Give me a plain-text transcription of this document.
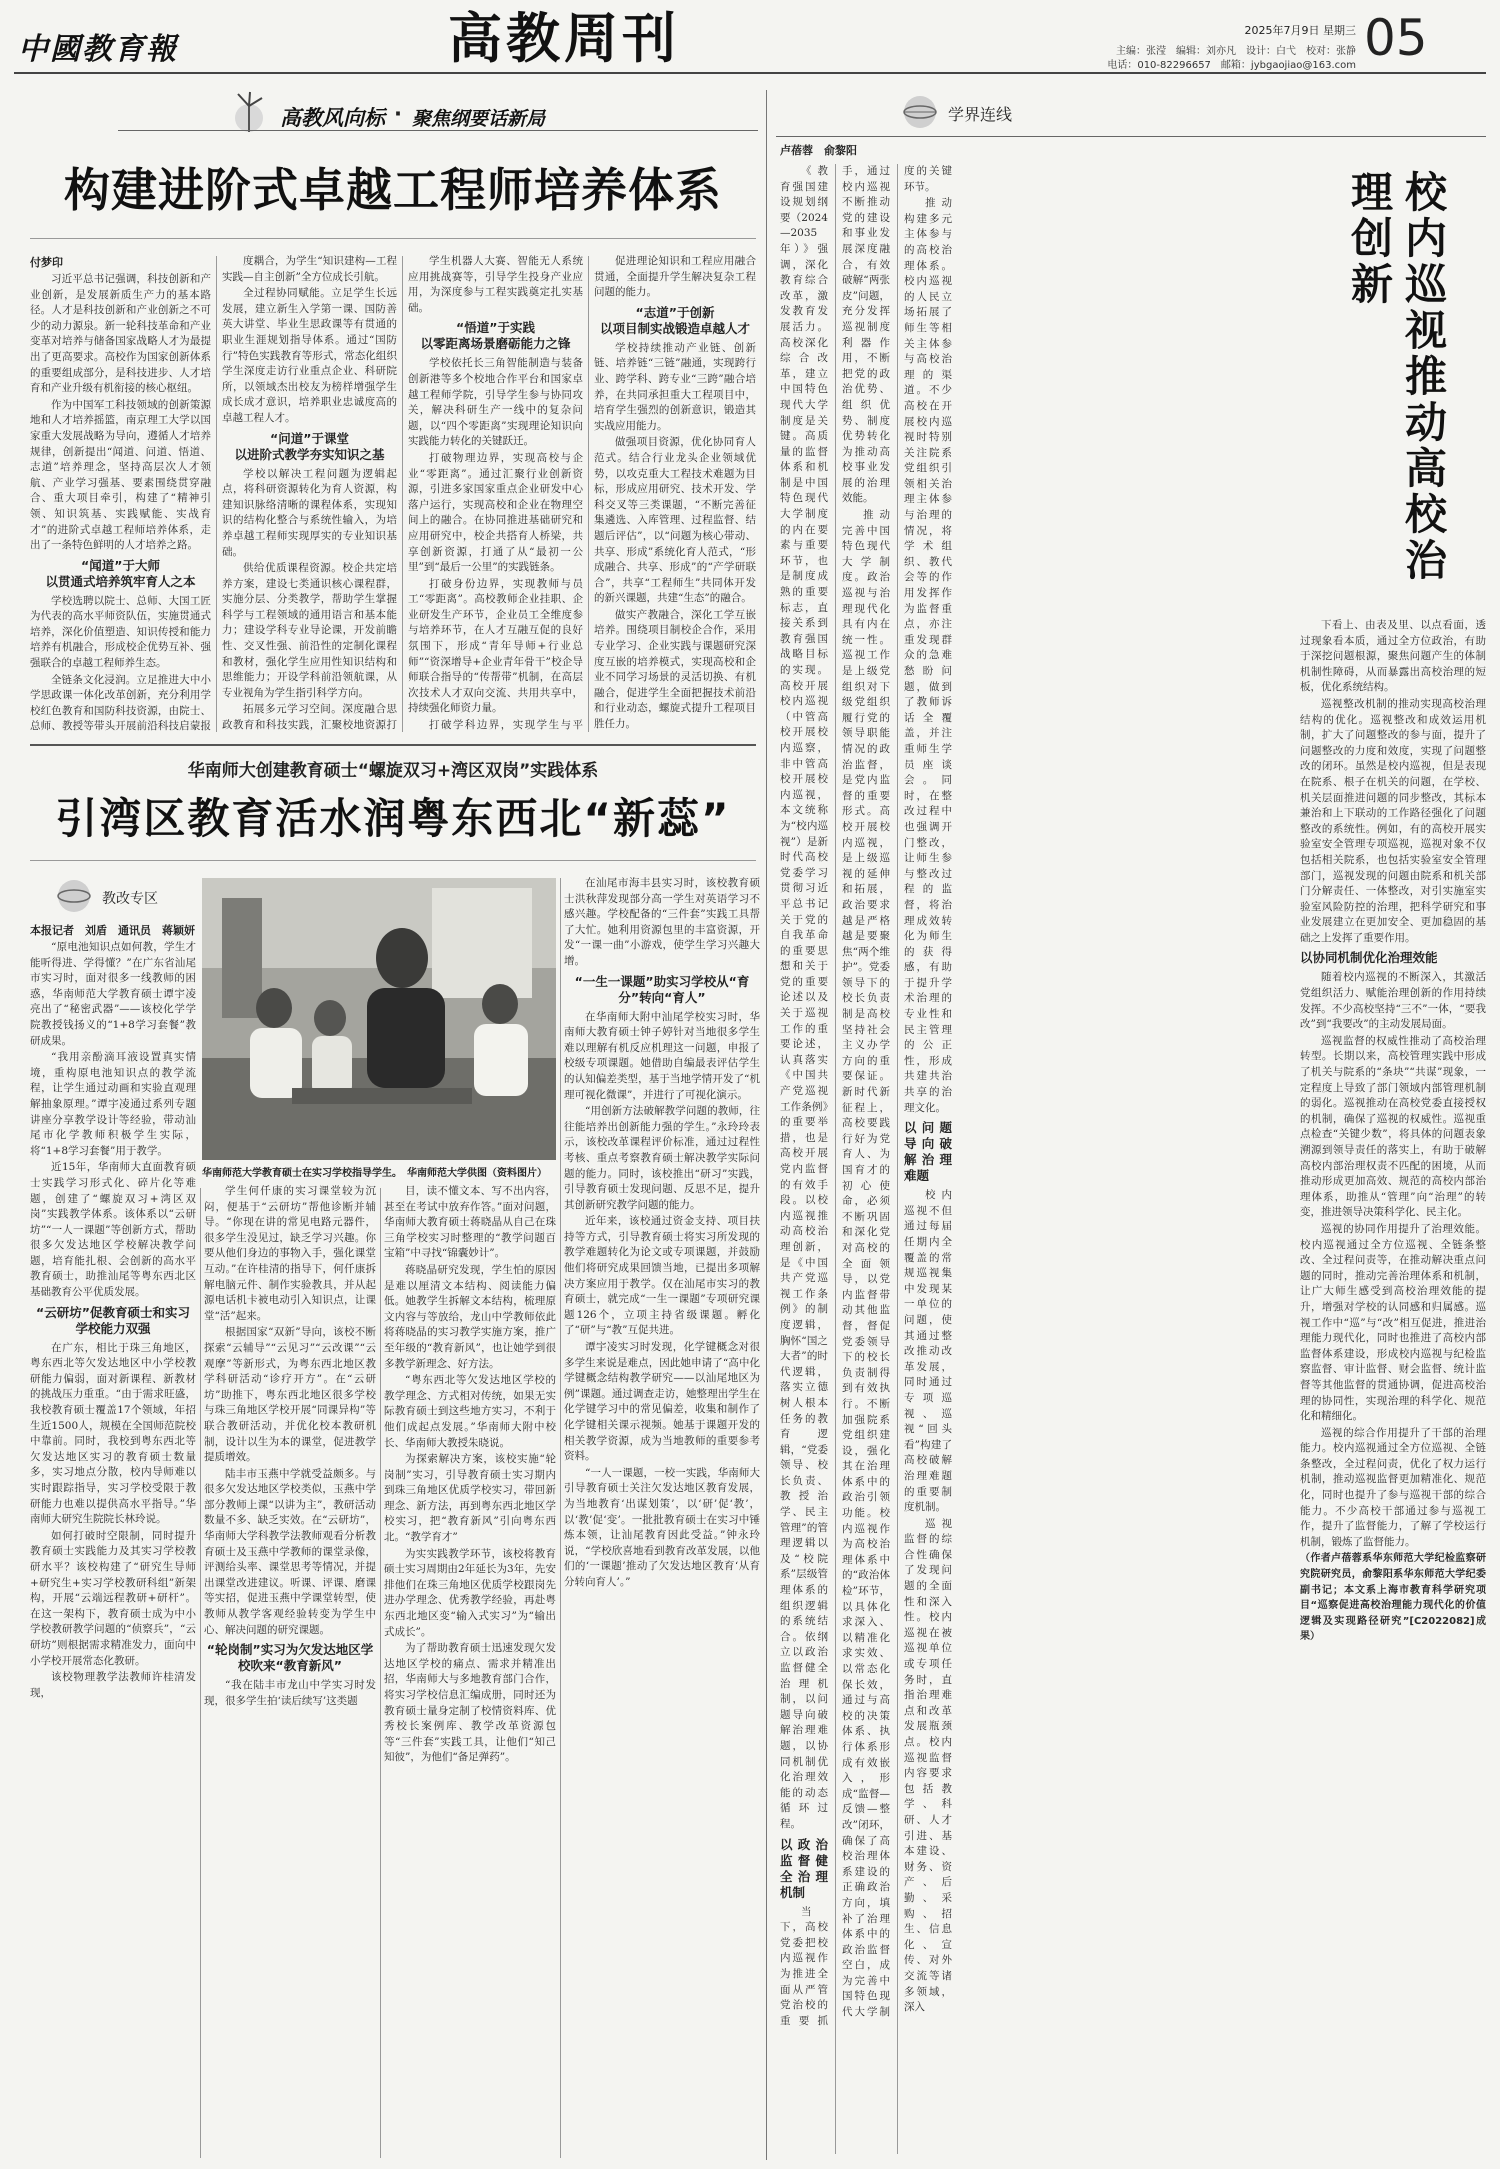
中國教育報	高教周刊	2025年7月9日 星期三
主编：张滢　编辑：刘亦凡　设计：白弋　校对：张静
电话：010-82296657　邮箱：jybgaojiao@163.com 05
高教风向标 · 聚焦纲要话新局
构建进阶式卓越工程师培养体系
付梦印

习近平总书记强调，科技创新和产业创新，是发展新质生产力的基本路径。人才是科技创新和产业创新之不可少的动力源泉。新一轮科技革命和产业变革对培养与储备国家战略人才为最提出了更高要求。高校作为国家创新体系的重要组成部分，是科技进步、人才培育和产业升级有机衔接的核心枢纽。

作为中国军工科技领域的创新策源地和人才培养摇篮，南京理工大学以国家重大发展战略为导向，遵循人才培养规律，创新提出“闻道、问道、悟道、志道”培养理念，坚持高层次人才领航、产业学习强基、要素围绕贯穿融合、重大项目牵引，构建了“精神引领、知识筑基、实践赋能、实战育才”的进阶式卓越工程师培养体系，走出了一条特色鲜明的人才培养之路。

“闻道”于大师
以贯通式培养筑牢育人之本

学校选聘以院士、总师、大国工匠为代表的高水平师资队伍，实施贯通式培养，深化价值塑造、知识传授和能力培养有机融合，形成校企优势互补、强强联合的卓越工程师养生态。

全链条文化浸润。立足推进大中小学思政课一体化改革创新，充分利用学校红色教育和国防科技资源，由院士、总师、教授等带头开展前沿科技启蒙报

度耦合，为学生“知识建构—工程实践—自主创新”全方位成长引航。

全过程协同赋能。立足学生长远发展，建立新生入学第一课、国防善英大讲堂、毕业生思政课等有贯通的职业生涯规划指导体系。通过“国防行”特色实践教育等形式，常态化组织学生深度走访行业重点企业、科研院所，以领域杰出校友为榜样增强学生成长成才意识，培养职业忠诚度高的卓越工程人才。

“问道”于课堂
以进阶式教学夯实知识之基

学校以解决工程问题为逻辑起点，将科研资源转化为育人资源，构建知识脉络清晰的课程体系，实现知识的结构化整合与系统性输入，为培养卓越工程师实现厚实的专业知识基础。

供给优质课程资源。校企共定培养方案，建设七类通识核心课程群，实施分层、分类教学，帮助学生掌握科学与工程领域的通用语言和基本能力；建设学科专业导论课，开发前瞻性、交叉性强、前沿性的定制化课程和教材，强化学生应用性知识结构和思维能力；开设学科前沿领航课，从专业视角为学生指引科学方向。

拓展多元学习空间。深度融合思政教育和科技实践，汇聚校地资源打

学生机器人大赛、智能无人系统应用挑战赛等，引导学生投身产业应用，为深度参与工程实践奠定扎实基础。

“悟道”于实践
以零距离场景磨砺能力之锋

学校依托长三角智能制造与装备创新港等多个校地合作平台和国家卓越工程师学院，引导学生参与协同攻关，解决科研生产一线中的复杂问题，以“四个零距离”实现理论知识向实践能力转化的关键跃迁。

打破物理边界，实现高校与企业“零距离”。通过汇聚行业创新资源，引进多家国家重点企业研发中心落户运行，实现高校和企业在物理空间上的融合。在协同推进基础研究和应用研究中，校企共搭育人桥梁，共享创新资源，打通了从“最初一公里”到“最后一公里”的实践链条。

打破身份边界，实现教师与员工“零距离”。高校教师企业挂职、企业研发生产环节，企业员工全维度参与培养环节，在人才互融互促的良好氛围下，形成“青年导师+行业总师”“资深增导+企业青年骨干”校企导师联合指导的“传帮带”机制，在高层次技术人才双向交流、共用共享中，持续强化师资力量。

打破学科边界，实现学生与平

促进理论知识和工程应用融合贯通，全面提升学生解决复杂工程问题的能力。

“志道”于创新
以项目制实战锻造卓越人才

学校持续推动产业链、创新链、培养链“三链”融通，实现跨行业、跨学科、跨专业“三跨”融合培养，在共同承担重大工程项目中，培育学生强烈的创新意识，锻造其实战应用能力。

做强项目资源，优化协同育人范式。结合行业龙头企业领域优势，以攻克重大工程技术难题为目标，形成应用研究、技术开发、学科交叉等三类课题，“不断完善征集遴选、入库管理、过程监督、结题后评估”，以“问题为核心带动、共享、形成”系统化育人范式，“形成融合、共享、形成”的“产学研联合”，共享“工程师生”共同体开发的新兴课题，共建“生态”的融合。

做实产教融合，深化工学互嵌培养。围绕项目制校企合作，采用专业学习、企业实践与课题研究深度互嵌的培养模式，实现高校和企业不同学习场景的灵活切换、有机融合，促进学生全面把握技术前沿和行业动态，螺旋式提升工程项目胜任力。

学界连线
卢蓓蓉　俞黎阳
校内巡视推动高校治理创新

《教育强国建设规划纲要（2024—2035年）》强调，深化教育综合改革，激发教育发展活力。高校深化综合改革，建立中国特色现代大学制度是关键。高质量的监督体系和机制是中国特色现代大学制度的内在要素与重要环节，也是制度成熟的重要标志，直接关系到教育强国战略目标的实现。高校开展校内巡视（中管高校开展校内巡察，非中管高校开展校内巡视，本文统称为“校内巡视”）是新时代高校党委学习贯彻习近平总书记关于党的自我革命的重要思想和关于党的重要论述以及关于巡视工作的重要论述，认真落实《中国共产党巡视工作条例》的重要举措，也是高校开展党内监督的有效手段。以校内巡视推动高校治理创新，是《中国共产党巡视工作条例》的制度逻辑，胸怀“国之大者”的时代逻辑，落实立德树人根本任务的教育逻辑，“党委领导、校长负责、教授治学、民主管理”的管理逻辑以及“校院系”层级管理体系的组织逻辑的系统结合。依纲立以政治监督健全治理机制，以问题导向破解治理难题，以协同机制优化治理效能的动态循环过程。

以政治监督健全治理机制

当下，高校党委把校内巡视作为推进全面从严管党治校的重要抓手，通过校内巡视不断推动党的建设和事业发展深度融合，有效破解“两张皮”问题，充分发挥巡视制度利器作用，不断把党的政治优势、组织优势、制度优势转化为推动高校事业发展的治理效能。

推动完善中国特色现代大学制度。政治巡视与治理现代化具有内在统一性。巡视工作是上级党组织对下级党组织履行党的领导职能情况的政治监督，是党内监督的重要形式。高校开展校内巡视，是上级巡视的延伸和拓展，政治要求越是严格越是要聚焦“两个维护”。党委领导下的校长负责制是高校坚持社会主义办学方向的重要保证。新时代新征程上，高校要践行好为党育人、为国育才的初心使命，必须不断巩固和深化党对高校的全面领导，以党内监督带动其他监督，督促党委领导下的校长负责制得到有效执行。不断加强院系党组织建设，强化其在治理体系中的政治引领功能。校内巡视作为高校治理体系中的“政治体检”环节，以具体化求深入、以精准化求实效、以常态化保长效，通过与高校的决策体系、执行体系形成有效嵌入，形成“监督—反馈—整改”闭环，确保了高校治理体系建设的正确政治方向，填补了治理体系中的政治监督空白，成为完善中国特色现代大学制度的关键环节。

推动构建多元主体参与的高校治理体系。校内巡视的人民立场拓展了师生等相关主体参与高校治理的渠道。不少高校在开展校内巡视时特别关注院系党组织引领相关治理主体参与治理的情况，将学术组织、教代会等的作用发挥作为监督重点，亦注重发现群众的急难愁盼问题，做到了教师诉话全覆盖，并注重师生学员座谈会。同时，在整改过程中也强调开门整改，让师生参与整改过程的监督，将治理成效转化为师生的获得感，有助于提升学术治理的专业性和民主管理的公正性，形成共建共治共享的治理文化。

以问题导向破解治理难题

校内巡视不但通过每届任期内全覆盖的常规巡视集中发现某一单位的问题，使其通过整改推动改革发展，同时通过专项巡视、巡视“回头看”构建了高校破解治理难题的重要制度机制。

巡视监督的综合性确保了发现问题的全面性和深入性。校内巡视在被巡视单位或专项任务时，直指治理难点和改革发展瓶颈点。校内巡视监督内容要求包括教学、科研、人才引进、基本建设、财务、资产、后勤、采购、招生、信息化、宣传、对外交流等诸多领域，深入

下看上、由表及里、以点看面，透过现象看本质，通过全方位政治，有助于深挖问题根源，聚焦问题产生的体制机制性障碍，从而暴露出高校治理的短板，优化系统结构。

巡视整改机制的推动实现高校治理结构的优化。巡视整改和成效运用机制，扩大了问题整改的参与面，提升了问题整改的力度和效度，实现了问题整改的闭环。虽然是校内巡视，但是表现在院系、根子在机关的问题，在学校、机关层面推进问题的同步整改，其标本兼治和上下联动的工作路径强化了问题整改的系统性。例如，有的高校开展实验室安全管理专项巡视，巡视对象不仅包括相关院系，也包括实验室安全管理部门，巡视发现的问题由院系和机关部门分解责任、一体整改，对引实施室实验室风险防控的治理，把科学研究和事业发展建立在更加安全、更加稳固的基础之上发挥了重要作用。

以协同机制优化治理效能

随着校内巡视的不断深入，其激活党组织活力、赋能治理创新的作用持续发挥。不少高校坚持“三不”一体，“要我改”到“我要改”的主动发展局面。

巡视监督的权威性推动了高校治理转型。长期以来，高校管理实践中形成了机关与院系的“条块”“共谋”现象，一定程度上导致了部门领域内部管理机制的弱化。巡视推动在高校党委直接授权的机制，确保了巡视的权威性。巡视重点检查“关键少数”，将具体的问题表象溯源到领导责任的落实上，有助于破解高校内部治理权责不匹配的困境，从而推动形成更加高效、规范的高校内部治理体系，助推从“管理”向“治理”的转变，推进领导决策科学化、民主化。

巡视的协同作用提升了治理效能。校内巡视通过全方位巡视、全链条整改、全过程问责等，在推动解决重点问题的同时，推动完善治理体系和机制，让广大师生感受到高校治理效能的提升，增强对学校的认同感和归属感。巡视工作中“巡”与“改”相互促进，推进治理能力现代化，同时也推进了高校内部监督体系建设，形成校内巡视与纪检监察监督、审计监督、财会监督、统计监督等其他监督的贯通协调，促进高校治理的协同性，实现治理的科学化、规范化和精细化。

巡视的综合作用提升了干部的治理能力。校内巡视通过全方位巡视、全链条整改，全过程问责，优化了权力运行机制，推动巡视监督更加精准化、规范化，同时也提升了参与巡视干部的综合能力。不少高校干部通过参与巡视工作，提升了监督能力，了解了学校运行机制，锻炼了监督能力。

（作者卢蓓蓉系华东师范大学纪检监察研究院研究员，俞黎阳系华东师范大学纪委副书记；本文系上海市教育科学研究项目“巡察促进高校治理能力现代化的价值逻辑及实现路径研究”[C2022082]成果）

华南师大创建教育硕士“螺旋双习+湾区双岗”实践体系
引湾区教育活水润粤东西北“新蕊”
教改专区
本报记者　刘盾　通讯员　蒋颖妍
华南师范大学教育硕士在实习学校指导学生。　华南师范大学供图（资料图片）

“原电池知识点如何教，学生才能听得进、学得懂？”在广东省汕尾市实习时，面对很多一线教师的困惑，华南师范大学教育硕士谭宇凌亮出了“秘密武器”——该校化学学院教授钱扬义的“1+8学习套餐”教研成果。

“我用亲酚滴耳液设置真实情境，重构原电池知识点的教学流程，让学生通过动画和实验直观理解抽象原理。”谭宇凌通过系列专题讲座分享教学设计等经验，带动汕尾市化学教师积极学生实际，将“1+8学习套餐”用于教学。

近15年，华南师大直面教育硕士实践学习形式化、碎片化等难题，创建了“螺旋双习+湾区双岗”实践教学体系。该体系以“云研坊”“一人一课题”等创新方式，帮助很多欠发达地区学校解决教学问题，培育能扎根、会创新的高水平教育硕士，助推汕尾等粤东西北区基础教育公平优质发展。

“云研坊”促教育硕士和实习学校能力双强

在广东，相比于珠三角地区，粤东西北等欠发达地区中小学校教研能力偏弱，面对新课程、新教材的挑战压力重重。“由于需求旺盛，我校教育硕士覆盖17个领域，年招生近1500人，规模在全国师范院校中靠前。同时，我校到粤东西北等欠发达地区实习的教育硕士数量多，实习地点分散，校内导师难以实时跟踪指导，实习学校受限于教研能力也难以提供高水平指导。”华南师大研究生院院长林玲说。

如何打破时空限制，同时提升教育硕士实践能力及其实习学校教研水平？该校构建了“研究生导师+研究生+实习学校教研科组”新架构，开展“云端远程教研+研杆”。在这一架构下，教育硕士成为中小学校教研教学问题的“侦察兵”，“云研坊”则根据需求精准发力，面向中小学校开展常态化教研。

该校物理教学法教师许桂清发现，

学生何仟康的实习课堂较为沉闷，便基于“云研坊”帮他诊断并辅导。“你现在讲的常见电路元器件，很多学生没见过，缺乏学习兴趣。你要从他们身边的事物入手，强化课堂互动。”在许桂清的指导下，何仟康拆解电脑元件、制作实验教具，并从起源电话机卡被电动引入知识点，让课堂“活”起来。

根据国家“双新”导向，该校不断探索“云辅导”“云见习”“云改课”“云观摩”等新形式，为粤东西北地区教学科研活动“诊疗开方”。在“云研坊”助推下，粤东西北地区很多学校与珠三角地区学校开展“同课异构”等联合教研活动，并优化校本教研机制，设计以生为本的课堂，促进教学提质增效。

陆丰市玉燕中学就受益颇多。与很多欠发达地区学校类似，玉燕中学部分教师上课“以讲为主”，教研活动数量不多、缺乏实效。在“云研坊”，华南师大学科教学法教师观看分析教育硕士及玉燕中学教师的课堂录像，评测给头率、课堂思考等情况，并提出课堂改进建议。听课、评课、磨课等实招，促进玉燕中学课堂转型，使教师从教学客观经验转变为学生中心、解决问题的研究课题。

“轮岗制”实习为欠发达地区学校吹来“教育新风”

“我在陆丰市龙山中学实习时发现，很多学生拍‘读后续写’这类题

目，读不懂文本、写不出内容，甚至在考试中放弃作答。”面对问题，华南师大教育硕士蒋晓晶从自己在珠三角学校实习时整理的“教学问题百宝箱”中寻找“锦囊妙计”。

蒋晓晶研究发现，学生怕的原因是难以厘清文本结构、阅读能力偏低。她教学生拆解文本结构，梳理原文内容与等放给，龙山中学教师依此将蒋晓晶的实习教学实施方案，推广至年级的“教育新风”，也让她学到很多教学新理念、好方法。

“粤东西北等欠发达地区学校的教学理念、方式相对传统，如果无实际教育硕士到这些地方实习，不利于他们成起点发展。”华南师大附中校长、华南师大教授朱晓说。

为探索解决方案，该校实施“轮岗制”实习，引导教育硕士实习期内到珠三角地区优质学校实习，带回新理念、新方法，再到粤东西北地区学校实习，把“教育新风”引向粤东西北。“教学育才”

为实实践教学环节，该校将教育硕士实习周期由2年延长为3年，先安排他们在珠三角地区优质学校跟岗先进办学理念、优秀教学经验，再赴粤东西北地区变“输入式实习”为“输出式成长”。

为了帮助教育硕士迅速发现欠发达地区学校的痛点、需求并精准出招，华南师大与多地教育部门合作，将实习学校信息汇编成册，同时还为教育硕士量身定制了校情资料库、优秀校长案例库、教学改革资源包等“三件套”实践工具，让他们“知己知彼”，为他们“备足弹药”。

在汕尾市海丰县实习时，该校教育硕士洪秋萍发现部分高一学生对英语学习不感兴趣。学校配备的“三件套”实践工具帮了大忙。她利用资源包里的丰富资源，开发“一课一曲”小游戏，使学生学习兴趣大增。

“一生一课题”助实习学校从“育分”转向“育人”

在华南师大附中汕尾学校实习时，华南师大教育硕士钟子婷针对当地很多学生难以理解有机反应机理这一问题，申报了校级专项课题。她借助自编最表评估学生的认知偏差类型，基于当地学情开发了“机理可视化微课”，并进行了可视化演示。

“用创新方法破解教学问题的教师，往往能培养出创新能力强的学生。”永玲玲表示，该校改革课程评价标准，通过过程性考核、重点考察教育硕士解决教学实际问题的能力。同时，该校推出“研习”实践，引导教育硕士发现问题、反思不足，提升其创新研究教学问题的能力。

近年来，该校通过资金支持、项目扶持等方式，引导教育硕士将实习所发现的教学难题转化为论文或专项课题，并鼓励他们将研究成果回馈当地，已提出多项解决方案应用于教学。仅在汕尾市实习的教育硕士，就完成“一生一课题”专项研究课题126个，立项主持省级课题。孵化了“研”与“教”互促共进。

谭宇凌实习时发现，化学键概念对很多学生来说是难点，因此她申请了“高中化学键概念结构教学研究——以汕尾地区为例”课题。通过调查走访，她整理出学生在化学键学习中的常见偏差，收集和制作了化学键相关课示视频。她基于课题开发的相关教学资源，成为当地教师的重要参考资料。

“一人一课题，一校一实践，华南师大引导教育硕士关注欠发达地区教育发展，为当地教育‘出谋划策’，以‘研’促‘教’，以‘教’促‘变’。一批批教育硕士在实习中锤炼本领，让汕尾教育因此受益。”钟永玲说，“学校欣喜地看到教育改革发展，以他们的‘一课题’推动了欠发达地区教育‘从育分转向育人’。”
